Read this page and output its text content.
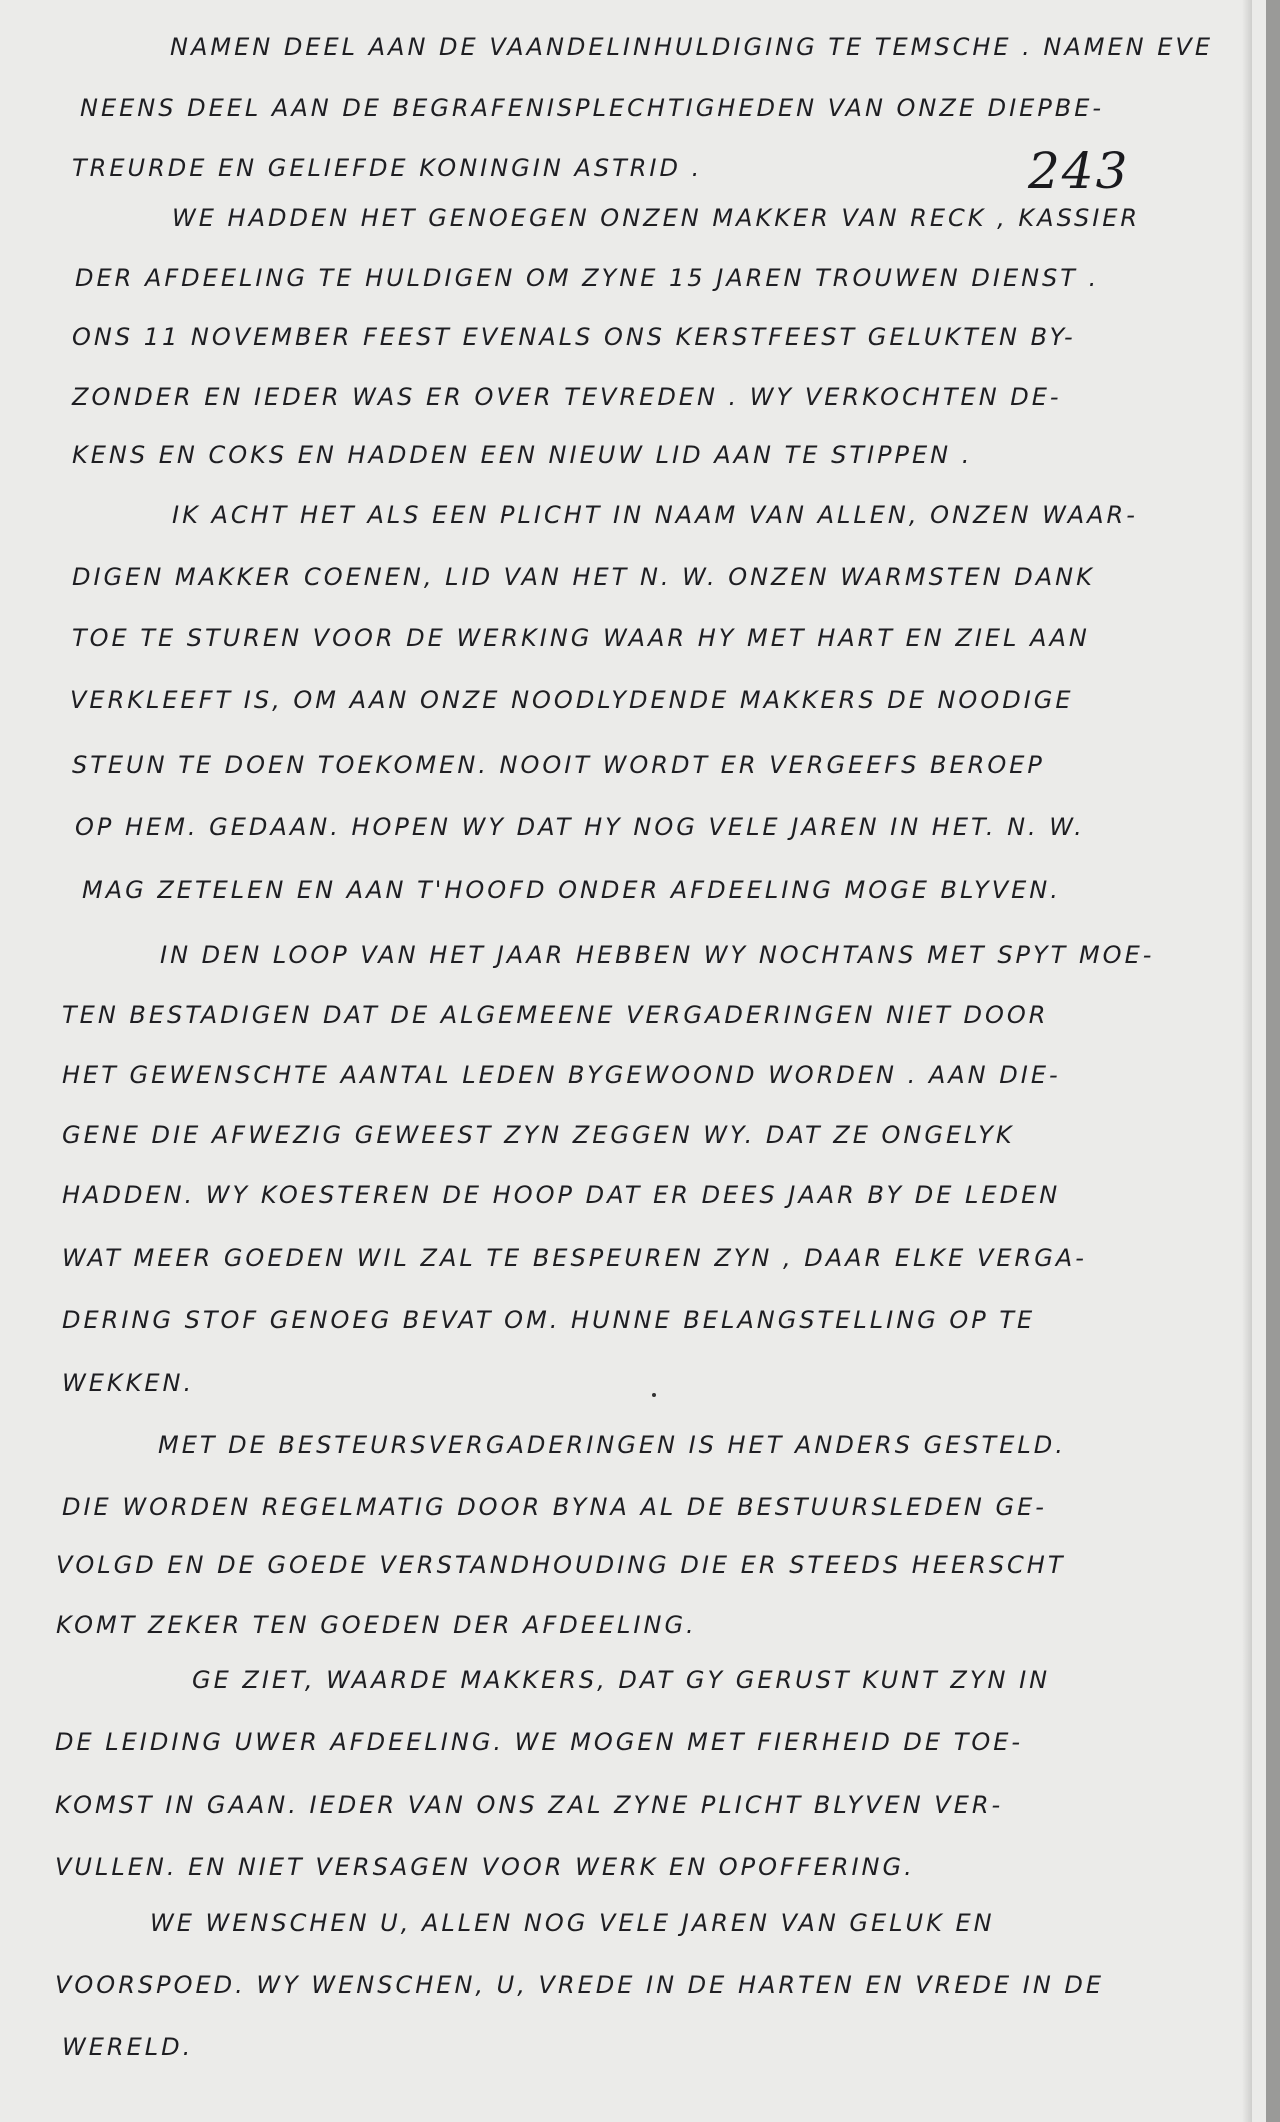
243

NAMEN DEEL AAN DE VAANDELINHULDIGING TE TEMSCHE . NAMEN EVE

NEENS DEEL AAN DE BEGRAFENISPLECHTIGHEDEN VAN ONZE DIEPBE-

TREURDE EN GELIEFDE KONINGIN ASTRID .

WE HADDEN HET GENOEGEN ONZEN MAKKER VAN RECK , KASSIER

DER AFDEELING TE HULDIGEN OM ZYNE 15 JAREN TROUWEN DIENST .

ONS 11 NOVEMBER FEEST EVENALS ONS KERSTFEEST GELUKTEN BY-

ZONDER EN IEDER WAS ER OVER TEVREDEN . WY VERKOCHTEN DE-

KENS EN COKS EN HADDEN EEN NIEUW LID AAN TE STIPPEN .

IK ACHT HET ALS EEN PLICHT IN NAAM VAN ALLEN, ONZEN WAAR-

DIGEN MAKKER COENEN, LID VAN HET N. W. ONZEN WARMSTEN DANK

TOE TE STUREN VOOR DE WERKING WAAR HY MET HART EN ZIEL AAN

VERKLEEFT IS, OM AAN ONZE NOODLYDENDE MAKKERS DE NOODIGE

STEUN TE DOEN TOEKOMEN. NOOIT WORDT ER VERGEEFS BEROEP

OP HEM. GEDAAN. HOPEN WY DAT HY NOG VELE JAREN IN HET. N. W.

MAG ZETELEN EN AAN T'HOOFD ONDER AFDEELING MOGE BLYVEN.

IN DEN LOOP VAN HET JAAR HEBBEN WY NOCHTANS MET SPYT MOE-

TEN BESTADIGEN DAT DE ALGEMEENE VERGADERINGEN NIET DOOR

HET GEWENSCHTE AANTAL LEDEN BYGEWOOND WORDEN . AAN DIE-

GENE DIE AFWEZIG GEWEEST ZYN ZEGGEN WY. DAT ZE ONGELYK

HADDEN. WY KOESTEREN DE HOOP DAT ER DEES JAAR BY DE LEDEN

WAT MEER GOEDEN WIL ZAL TE BESPEUREN ZYN , DAAR ELKE VERGA-

DERING STOF GENOEG BEVAT OM. HUNNE BELANGSTELLING OP TE

WEKKEN.

MET DE BESTEURSVERGADERINGEN IS HET ANDERS GESTELD.

DIE WORDEN REGELMATIG DOOR BYNA AL DE BESTUURSLEDEN GE-

VOLGD EN DE GOEDE VERSTANDHOUDING DIE ER STEEDS HEERSCHT

KOMT ZEKER TEN GOEDEN DER AFDEELING.

GE ZIET, WAARDE MAKKERS, DAT GY GERUST KUNT ZYN IN

DE LEIDING UWER AFDEELING. WE MOGEN MET FIERHEID DE TOE-

KOMST IN GAAN. IEDER VAN ONS ZAL ZYNE PLICHT BLYVEN VER-

VULLEN. EN NIET VERSAGEN VOOR WERK EN OPOFFERING.

WE WENSCHEN U, ALLEN NOG VELE JAREN VAN GELUK EN

VOORSPOED. WY WENSCHEN, U, VREDE IN DE HARTEN EN VREDE IN DE

WERELD.
